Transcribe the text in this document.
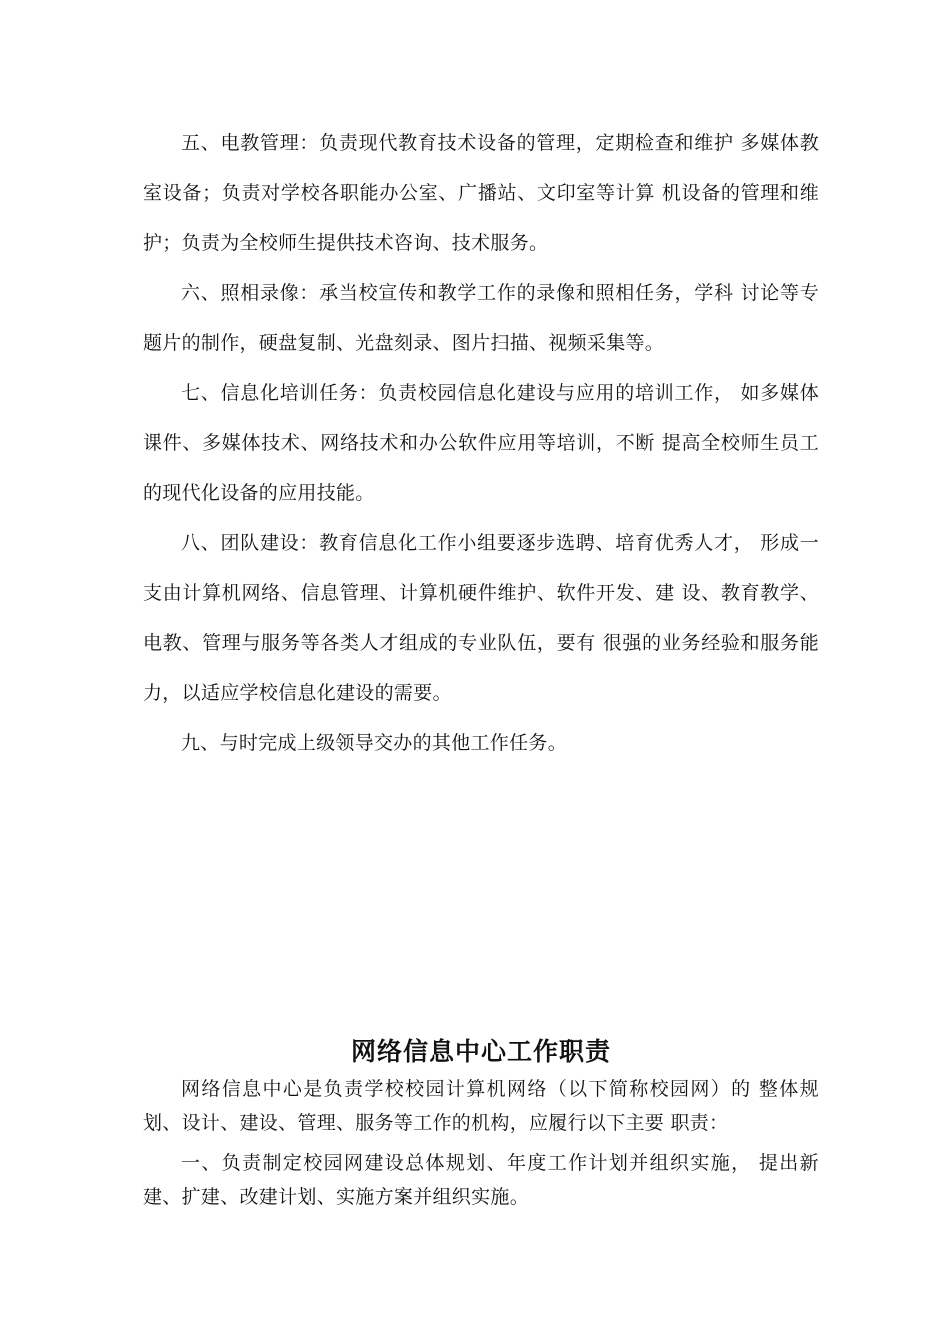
五、电教管理：负责现代教育技术设备的管理，定期检查和维护 多媒体教室设备；负责对学校各职能办公室、广播站、文印室等计算 机设备的管理和维护；负责为全校师生提供技术咨询、技术服务。

六、照相录像：承当校宣传和教学工作的录像和照相任务，学科 讨论等专题片的制作，硬盘复制、光盘刻录、图片扫描、视频采集等。

七、信息化培训任务：负责校园信息化建设与应用的培训工作， 如多媒体课件、多媒体技术、网络技术和办公软件应用等培训，不断 提高全校师生员工的现代化设备的应用技能。

八、团队建设：教育信息化工作小组要逐步选聘、培育优秀人才， 形成一支由计算机网络、信息管理、计算机硬件维护、软件开发、建 设、教育教学、电教、管理与服务等各类人才组成的专业队伍，要有 很强的业务经验和服务能力，以适应学校信息化建设的需要。

九、与时完成上级领导交办的其他工作任务。

网络信息中心工作职责

网络信息中心是负责学校校园计算机网络（以下简称校园网）的 整体规划、设计、建设、管理、服务等工作的机构，应履行以下主要 职责：

一、负责制定校园网建设总体规划、年度工作计划并组织实施， 提出新建、扩建、改建计划、实施方案并组织实施。
